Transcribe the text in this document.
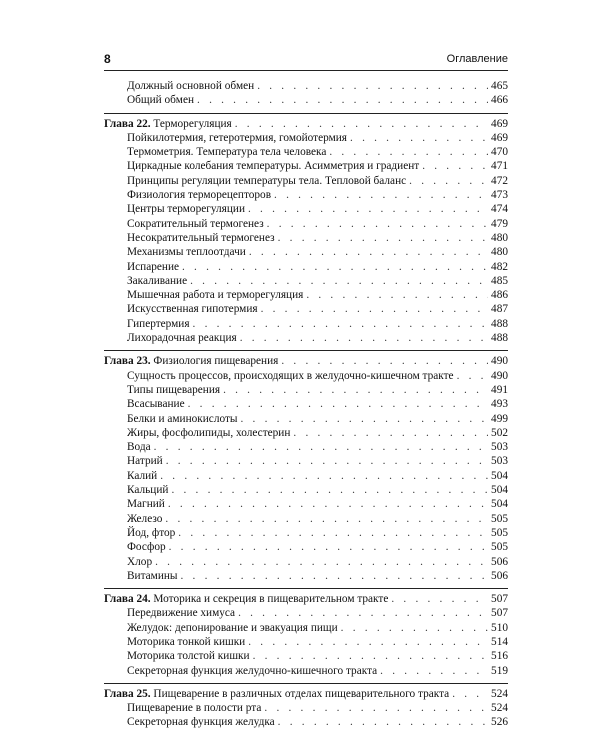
8	Оглавление
Должный основной обмен . . .	465
Общий обмен . . .	466
Глава 22. Терморегуляция . . .	469
Пойкилотермия, гетеротермия, гомойотермия . . .	469
Термометрия. Температура тела человека . . .	470
Циркадные колебания температуры. Асимметрия и градиент . . .	471
Принципы регуляции температуры тела. Тепловой баланс . . .	472
Физиология терморецепторов . . .	473
Центры терморегуляции . . .	474
Сократительный термогенез . . .	479
Несократительный термогенез . . .	480
Механизмы теплоотдачи . . .	480
Испарение . . .	482
Закаливание . . .	485
Мышечная работа и терморегуляция . . .	486
Искусственная гипотермия . . .	487
Гипертермия . . .	488
Лихорадочная реакция . . .	488
Глава 23. Физиология пищеварения . . .	490
Сущность процессов, происходящих в желудочно-кишечном тракте . . .	490
Типы пищеварения . . .	491
Всасывание . . .	493
Белки и аминокислоты . . .	499
Жиры, фосфолипиды, холестерин . . .	502
Вода . . .	503
Натрий . . .	503
Калий . . .	504
Кальций . . .	504
Магний . . .	504
Железо . . .	505
Йод, фтор . . .	505
Фосфор . . .	505
Хлор . . .	506
Витамины . . .	506
Глава 24. Моторика и секреция в пищеварительном тракте . . .	507
Передвижение химуса . . .	507
Желудок: депонирование и эвакуация пищи . . .	510
Моторика тонкой кишки . . .	514
Моторика толстой кишки . . .	516
Секреторная функция желудочно-кишечного тракта . . .	519
Глава 25. Пищеварение в различных отделах пищеварительного тракта . . .	524
Пищеварение в полости рта . . .	524
Секреторная функция желудка . . .	526
